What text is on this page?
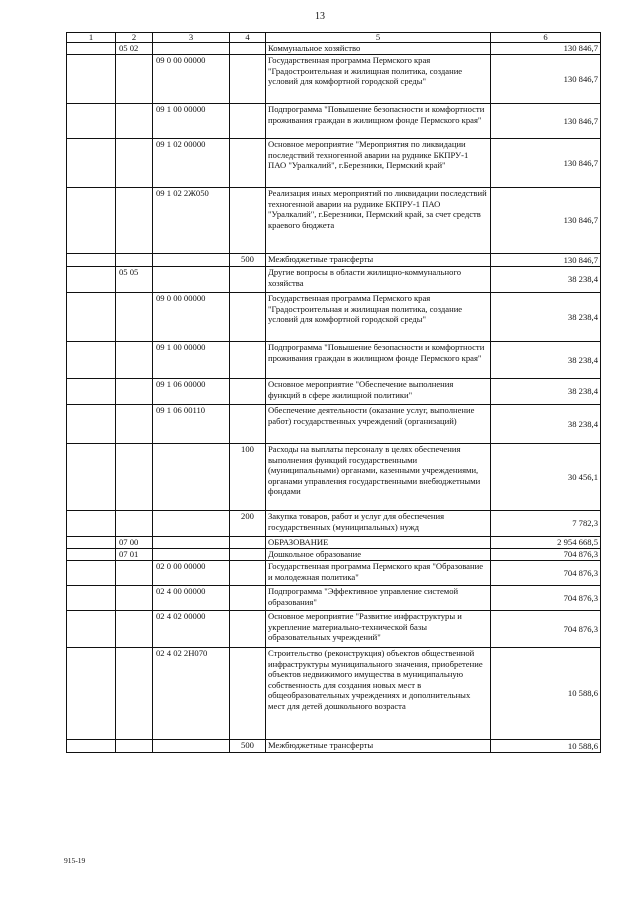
13
1	2	3	4	5	6
	05 02			Коммунальное хозяйство	130 846,7
		09 0 00 00000		Государственная программа Пермского края "Градостроительная и жилищная политика, создание условий для комфортной городской среды"	130 846,7
		09 1 00 00000		Подпрограмма "Повышение безопасности и комфортности проживания граждан в жилищном фонде Пермского края"	130 846,7
		09 1 02 00000		Основное мероприятие "Мероприятия по ликвидации последствий техногенной аварии на руднике БКПРУ-1 ПАО "Уралкалий", г.Березники, Пермский край"	130 846,7
		09 1 02 2Ж050		Реализация иных мероприятий по ликвидации последствий техногенной аварии на руднике БКПРУ-1 ПАО "Уралкалий", г.Березники, Пермский край, за счет средств краевого бюджета	130 846,7
			500	Межбюджетные трансферты	130 846,7
	05 05			Другие вопросы в области жилищно-коммунального хозяйства	38 238,4
		09 0 00 00000		Государственная программа Пермского края "Градостроительная и жилищная политика, создание условий для комфортной городской среды"	38 238,4
		09 1 00 00000		Подпрограмма "Повышение безопасности и комфортности проживания граждан в жилищном фонде Пермского края"	38 238,4
		09 1 06 00000		Основное мероприятие "Обеспечение выполнения функций в сфере жилищной политики"	38 238,4
		09 1 06 00110		Обеспечение деятельности (оказание услуг, выполнение работ) государственных учреждений (организаций)	38 238,4
			100	Расходы на выплаты персоналу в целях обеспечения выполнения функций государственными (муниципальными) органами, казенными учреждениями, органами управления государственными внебюджетными фондами	30 456,1
			200	Закупка товаров, работ и услуг для обеспечения государственных (муниципальных) нужд	7 782,3
	07 00			ОБРАЗОВАНИЕ	2 954 668,5
	07 01			Дошкольное образование	704 876,3
		02 0 00 00000		Государственная программа Пермского края "Образование и молодежная политика"	704 876,3
		02 4 00 00000		Подпрограмма "Эффективное управление системой образования"	704 876,3
		02 4 02 00000		Основное мероприятие "Развитие инфраструктуры и укрепление материально-технической базы образовательных учреждений"	704 876,3
		02 4 02 2Н070		Строительство (реконструкция) объектов общественной инфраструктуры муниципального значения, приобретение объектов недвижимого имущества в муниципальную собственность для создания новых мест в общеобразовательных учреждениях и дополнительных мест для детей дошкольного возраста	10 588,6
			500	Межбюджетные трансферты	10 588,6
915-19
